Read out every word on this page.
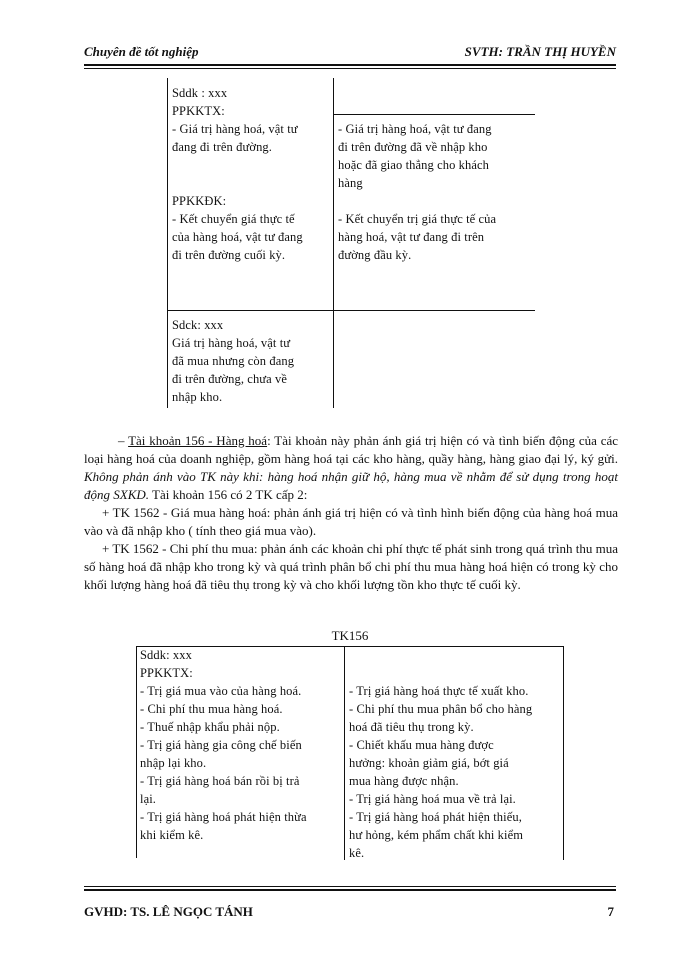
Chuyên đề tốt nghiệp	SVTH: TRẦN THỊ HUYỀN
Sddk : xxx
PPKKTX:
- Giá trị hàng hoá, vật tư
đang đi trên đường.
- Giá trị hàng hoá, vật tư đang
đi trên đường đã về nhập kho
hoặc đã giao thẳng cho khách
hàng
PPKKĐK:
- Kết chuyển giá thực tế
của hàng hoá, vật tư đang
đi trên đường cuối kỳ.
- Kết chuyển trị giá thực tế của
hàng hoá, vật tư đang đi trên
đường đầu kỳ.
Sdck: xxx
Giá trị hàng hoá, vật tư
đã mua nhưng còn đang
đi trên đường, chưa về
nhập kho.
– Tài khoản 156 - Hàng hoá: Tài khoản này phản ánh giá trị hiện có và tình biến động của các loại hàng hoá của doanh nghiệp, gồm hàng hoá tại các kho hàng, quầy hàng, hàng giao đại lý, ký gửi. Không phản ánh vào TK này khi: hàng hoá nhận giữ hộ, hàng mua về nhằm để sử dụng trong hoạt động SXKD. Tài khoản 156 có 2 TK cấp 2:
+ TK 1562 - Giá mua hàng hoá: phản ánh giá trị hiện có và tình hình biến động của hàng hoá mua vào và đã nhập kho ( tính theo giá mua vào).
+ TK 1562 - Chi phí thu mua: phản ánh các khoản chi phí thực tế phát sinh trong quá trình thu mua số hàng hoá đã nhập kho trong kỳ và quá trình phân bổ chi phí thu mua hàng hoá hiện có trong kỳ cho khối lượng hàng hoá đã tiêu thụ trong kỳ và cho khối lượng tồn kho thực tế cuối kỳ.
TK156
Sddk: xxx
PPKKTX:
- Trị giá mua vào của hàng hoá.
- Chi phí thu mua hàng hoá.
- Thuế nhập khẩu phải nộp.
- Trị giá hàng gia công chế biến
nhập lại kho.
- Trị giá hàng hoá bán rồi bị trả
lại.
- Trị giá hàng hoá phát hiện thừa
khi kiểm kê.
- Trị giá hàng hoá thực tế xuất kho.
- Chi phí thu mua phân bổ cho hàng
hoá đã tiêu thụ trong kỳ.
- Chiết khấu mua hàng được
hưởng: khoản giảm giá, bớt giá
mua hàng được nhận.
- Trị giá hàng hoá mua về trả lại.
- Trị giá hàng hoá phát hiện thiếu,
hư hỏng, kém phẩm chất khi kiểm
kê.
GVHD: TS. LÊ NGỌC TÁNH	7
